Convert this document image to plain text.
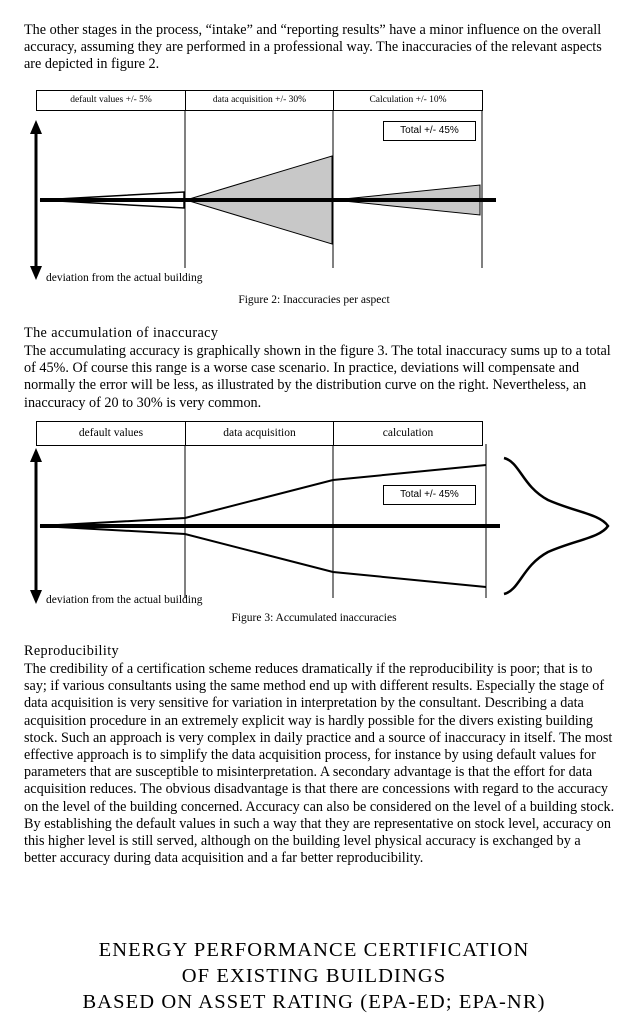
The other stages in the process, “intake” and “reporting results” have a minor influence on the overall accuracy, assuming they are performed in a professional way. The inaccuracies of the relevant aspects are depicted in figure 2.

default values +/- 5%	data acquisition +/- 30%	Calculation +/- 10%
Total +/- 45%
deviation from the actual building

Figure 2: Inaccuracies per aspect

The accumulation of inaccuracy

The accumulating accuracy is graphically shown in the figure 3. The total inaccuracy sums up to a total of 45%. Of course this range is a worse case scenario. In practice, deviations will compensate and normally the error will be less, as illustrated by the distribution curve on the right. Nevertheless, an inaccuracy of 20 to 30% is very common.

default values	data acquisition	calculation
Total +/- 45%
deviation from the actual building

Figure 3: Accumulated inaccuracies

Reproducibility

The credibility of a certification scheme reduces dramatically if the reproducibility is poor; that is to say; if various consultants using the same method end up with different results. Especially the stage of data acquisition is very sensitive for variation in interpretation by the consultant. Describing a data acquisition procedure in an extremely explicit way is hardly possible for the divers existing building stock. Such an approach is very complex in daily practice and a source of inaccuracy in itself. The most effective approach is to simplify the data acquisition process, for instance by using default values for parameters that are susceptible to misinterpretation. A secondary advantage is that the effort for data acquisition reduces. The obvious disadvantage is that there are concessions with regard to the accuracy on the level of the building concerned. Accuracy can also be considered on the level of a building stock. By establishing the default values in such a way that they are representative on stock level, accuracy on this higher level is still served, although on the building level physical accuracy is exchanged by a better accuracy during data acquisition and a far better reproducibility.

ENERGY PERFORMANCE CERTIFICATION

OF EXISTING BUILDINGS

BASED ON ASSET RATING (EPA-ED; EPA-NR)
